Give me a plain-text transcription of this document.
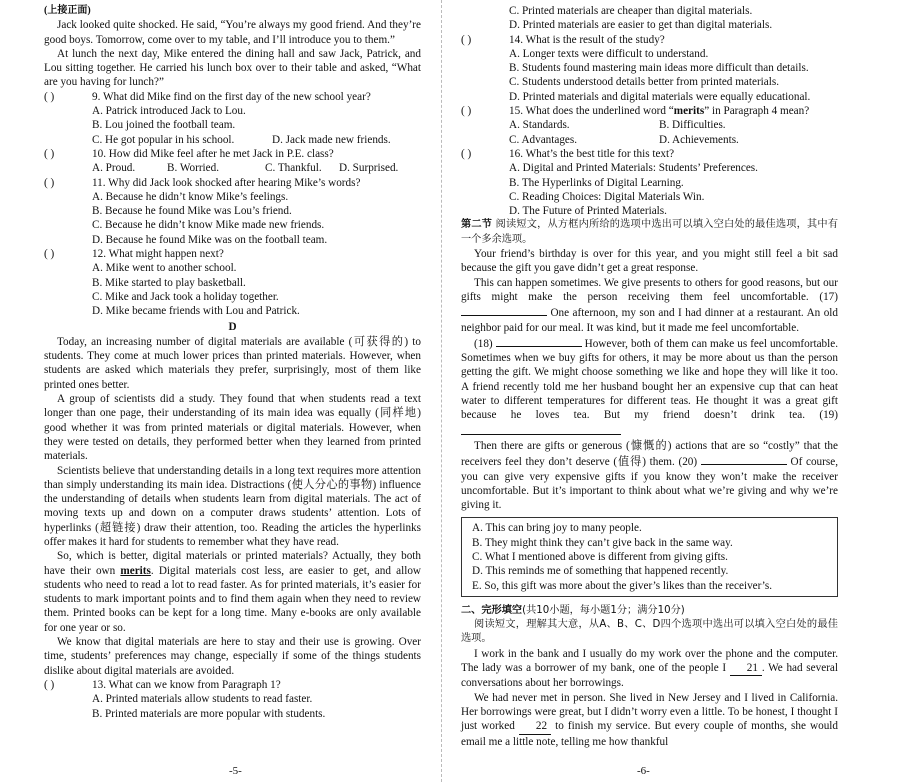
(上接正面)

Jack looked quite shocked. He said, “You’re always my good friend. And they’re good boys. Tomorrow, come over to my table, and I’ll introduce you to them.”

At lunch the next day, Mike entered the dining hall and saw Jack, Patrick, and Lou sitting together. He carried his lunch box over to their table and asked, “What are you having for lunch?”

( )	9. What did Mike find on the first day of the new school year?
A. Patrick introduced Jack to Lou.
B. Lou joined the football team.
C. He got popular in his school.	D. Jack made new friends.
( )	10. How did Mike feel after he met Jack in P.E. class?
A. Proud.	B. Worried.	C. Thankful.	D. Surprised.
( )	11. Why did Jack look shocked after hearing Mike’s words?
A. Because he didn’t know Mike’s feelings.
B. Because he found Mike was Lou’s friend.
C. Because he didn’t know Mike made new friends.
D. Because he found Mike was on the football team.
( )	12. What might happen next?
A. Mike went to another school.
B. Mike started to play basketball.
C. Mike and Jack took a holiday together.
D. Mike became friends with Lou and Patrick.
D

Today, an increasing number of digital materials are available (可获得的) to students. They come at much lower prices than printed materials. However, when students are asked which materials they prefer, surprisingly, most of them like printed ones better.

A group of scientists did a study. They found that when students read a text longer than one page, their understanding of its main idea was equally (同样地) good whether it was from printed materials or digital materials. However, when they were tested on details, they performed better when they learned from printed materials.

Scientists believe that understanding details in a long text requires more attention than simply understanding its main idea. Distractions (使人分心的事物) influence the understanding of details when students learn from digital materials. The act of moving texts up and down on a computer draws students’ attention. Lots of hyperlinks (超链接) draw their attention, too. Reading the articles the hyperlinks offer makes it hard for students to remember what they have read.

So, which is better, digital materials or printed materials? Actually, they both have their own merits. Digital materials cost less, are easier to get, and allow students who need to read a lot to read faster. As for printed materials, it’s easier for students to mark important points and to find them again when they need to review them. Printed books can be kept for a long time. Many e-books are only available for one year or so.

We know that digital materials are here to stay and their use is growing. Over time, students’ preferences may change, especially if some of the things students dislike about digital materials are avoided.

( )	13. What can we know from Paragraph 1?
A. Printed materials allow students to read faster.
B. Printed materials are more popular with students.
C. Printed materials are cheaper than digital materials.
D. Printed materials are easier to get than digital materials.
( )	14. What is the result of the study?
A. Longer texts were difficult to understand.
B. Students found mastering main ideas more difficult than details.
C. Students understood details better from printed materials.
D. Printed materials and digital materials were equally educational.
( )	15. What does the underlined word “merits” in Paragraph 4 mean?
A. Standards.	B. Difficulties.
C. Advantages.	D. Achievements.
( )	16. What’s the best title for this text?
A. Digital and Printed Materials: Students’ Preferences.
B. The Hyperlinks of Digital Learning.
C. Reading Choices: Digital Materials Win.
D. The Future of Printed Materials.

第二节 阅读短文，从方框内所给的选项中选出可以填入空白处的最佳选项，其中有一个多余选项。

Your friend’s birthday is over for this year, and you might still feel a bit sad because the gift you gave didn’t get a great response.

This can happen sometimes. We give presents to others for good reasons, but our gifts might make the person receiving them feel uncomfortable. (17)  One afternoon, my son and I had dinner at a restaurant. An old neighbor paid for our meal. It was kind, but it made me feel uncomfortable.

(18)	However, both of them can make us feel uncomfortable. Sometimes when we buy gifts for others, it may be more about us than the person getting the gift. We might choose something we like and hope they will like it too. A friend recently told me her husband bought her an expensive cup that can heat water to different temperatures for different teas. He thought it was a great gift because he loves tea. But my friend doesn’t drink tea. (19)

Then there are gifts or generous (慷慨的) actions that are so “costly” that the receivers feel they don’t deserve (值得) them. (20)	Of course, you can give very expensive gifts if you know they won’t make the receiver uncomfortable. But it’s important to think about what we’re giving and why we’re giving it.

A. This can bring joy to many people.

B. They might think they can’t give back in the same way.

C. What I mentioned above is different from giving gifts.

D. This reminds me of something that happened recently.

E. So, this gift was more about the giver’s likes than the receiver’s.

二、完形填空(共10小题，每小题1分；满分10分)

阅读短文，理解其大意，从A、B、C、D四个选项中选出可以填入空白处的最佳选项。

I work in the bank and I usually do my work over the phone and the computer. The lady was a borrower of my bank, one of the people I 21 . We had several conversations about her borrowings.

We had never met in person. She lived in New Jersey and I lived in California. Her borrowings were great, but I didn’t worry even a little. To be honest, I thought I just worked 22 to finish my service. But every couple of months, she would email me a little note, telling me how thankful

-5-	-6-
